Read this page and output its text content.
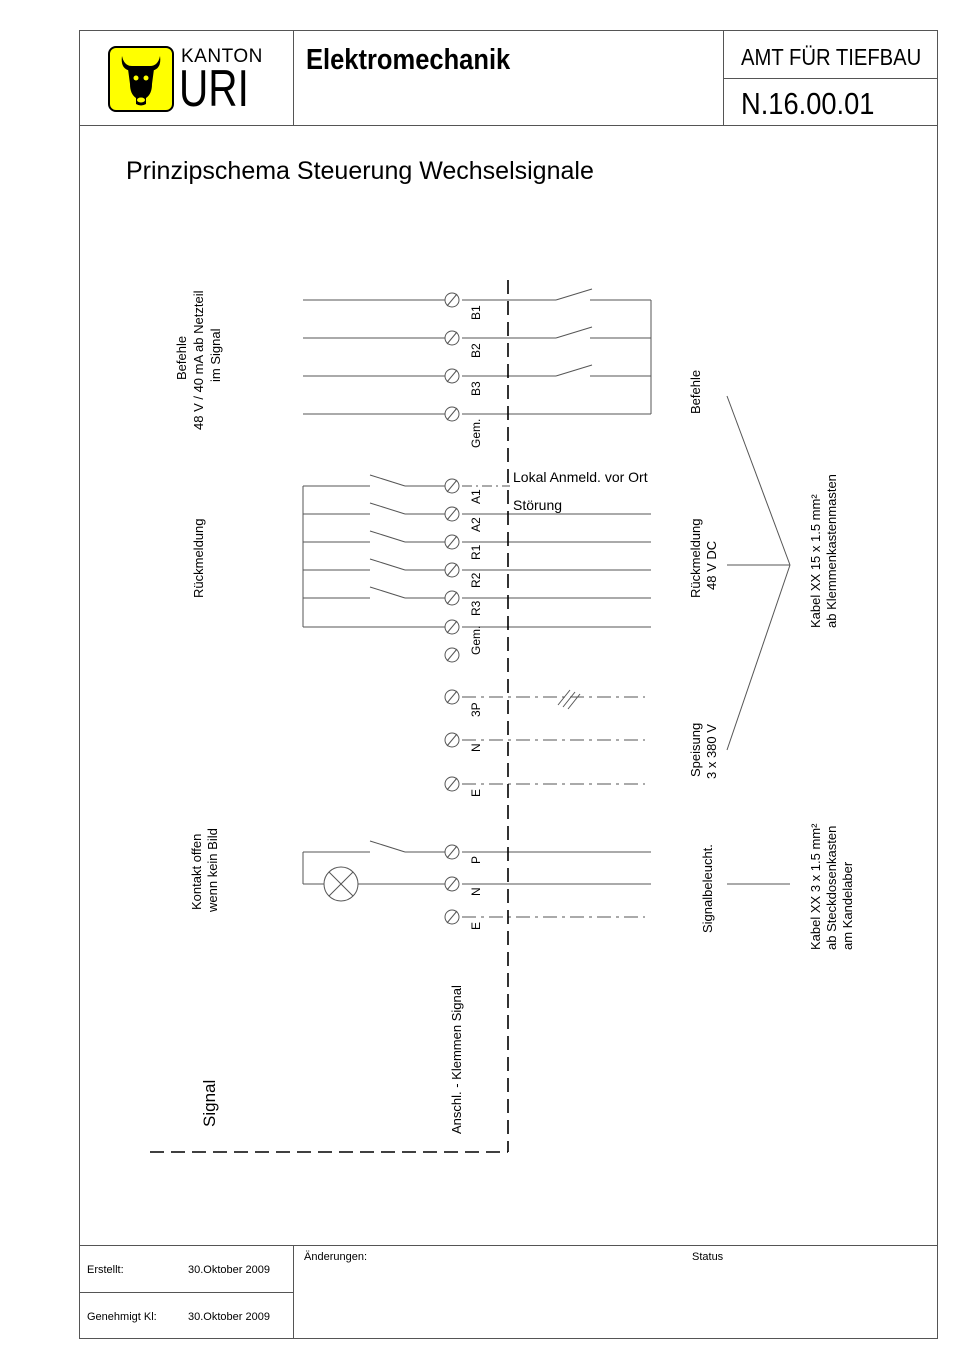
KANTON
URI Elektromechanik	AMT FÜR TIEFBAU
N.16.00.01
Prinzipschema Steuerung Wechselsignale
B1
B2
B3
Gem.
A1
A2
R1
R2
R3
Gem.
3P
N
E
P
N
E
Befehle 48 V / 40 mA ab Netzteil im Signal
Rückmeldung
Kontakt offen wenn kein Bild
Signal	Anschl. - Klemmen Signal
Lokal Anmeld. vor Ort
Störung
Befehle
Rückmeldung 48 V DC
Speisung 3 x 380 V
Signalbeleucht.
Kabel XX 15 x 1.5 mm² ab Klemmenkastenmasten
Kabel XX 3 x 1.5 mm² ab Steckdosenkasten am Kandelaber
Erstellt:	30.Oktober 2009
Genehmigt Kl:	30.Oktober 2009
Änderungen:	Status
